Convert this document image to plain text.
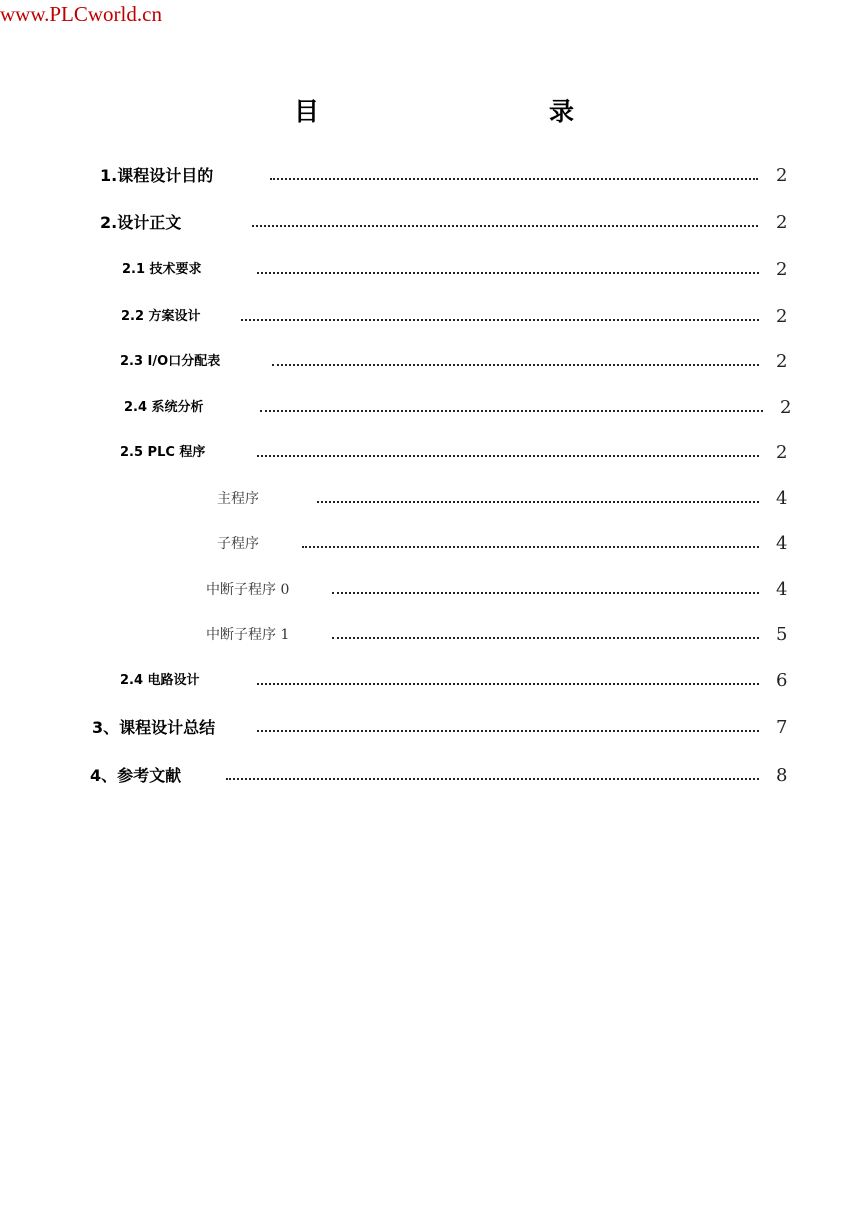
www.PLCworld.cn
目　　录
1.课程设计目的	2
2.设计正文	2
2.1 技术要求	2
2.2 方案设计	2
2.3 I/O口分配表	2
2.4 系统分析	2
2.5 PLC 程序	2
主程序	4
子程序	4
中断子程序 0	4
中断子程序 1	5
2.4 电路设计	6
3、课程设计总结	7
4、参考文献	8
